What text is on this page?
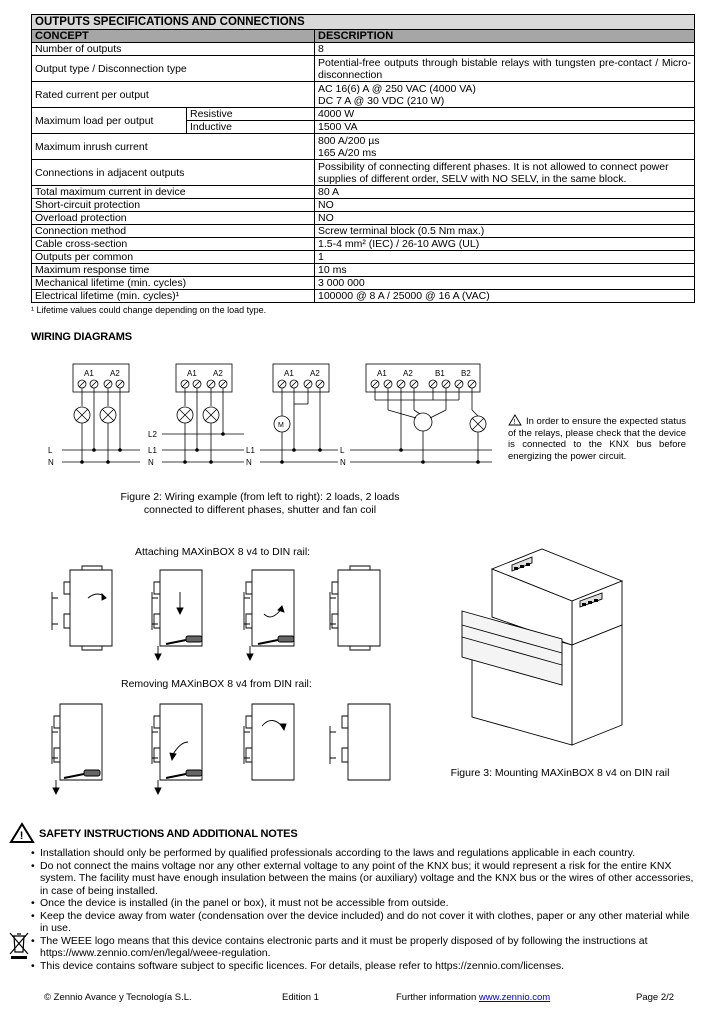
OUTPUTS SPECIFICATIONS AND CONNECTIONS		
CONCEPT		DESCRIPTION
Number of outputs		8
Output type / Disconnection type		Potential-free outputs through bistable relays with tungsten pre-contact / Micro-disconnection
Rated current per output		AC 16(6) A @ 250 VAC (4000 VA)
DC 7 A @ 30 VDC (210 W)

Maximum load per output	Resistive	4000 W
	Inductive	1500 VA
Maximum inrush current		800 A/200 µs
165 A/20 ms

Connections in adjacent outputs		Possibility of connecting different phases. It is not allowed to connect power supplies of different order, SELV with NO SELV, in the same block.
Total maximum current in device		80 A
Short-circuit protection		NO
Overload protection		NO
Connection method		Screw terminal block (0.5 Nm max.)
Cable cross-section		1.5-4 mm² (IEC) / 26-10 AWG (UL)
Outputs per common		1
Maximum response time		10 ms
Mechanical lifetime (min. cycles)		3 000 000
Electrical lifetime (min. cycles)¹		100000 @ 8 A / 25000 @ 16 A (VAC)
¹ Lifetime values could change depending on the load type.
WIRING DIAGRAMS
A1 A2	A1 A2	A1 A2	A1 A2	B1 B2
M
L
N
L2
L1
N
L1
N
L
N
!	In order to ensure the expected status of the relays, please check that the device is connected to the KNX bus before energizing the power circuit.
Figure 2: Wiring example (from left to right): 2 loads, 2 loads connected to different phases, shutter and fan coil
Attaching MAXinBOX 8 v4 to DIN rail:
Removing MAXinBOX 8 v4 from DIN rail:
Figure 3: Mounting MAXinBOX 8 v4 on DIN rail
! SAFETY INSTRUCTIONS AND ADDITIONAL NOTES
• Installation should only be performed by qualified professionals according to the laws and regulations applicable in each country.
• Do not connect the mains voltage nor any other external voltage to any point of the KNX bus; it would represent a risk for the entire KNX system. The facility must have enough insulation between the mains (or auxiliary) voltage and the KNX bus or the wires of other accessories, in case of being installed.
• Once the device is installed (in the panel or box), it must not be accessible from outside.
• Keep the device away from water (condensation over the device included) and do not cover it with clothes, paper or any other material while in use.
• The WEEE logo means that this device contains electronic parts and it must be properly disposed of by following the instructions at https://www.zennio.com/en/legal/weee-regulation.
• This device contains software subject to specific licences. For details, please refer to https://zennio.com/licenses.
© Zennio Avance y Tecnología S.L.	Edition 1	Further information www.zennio.com	Page 2/2
